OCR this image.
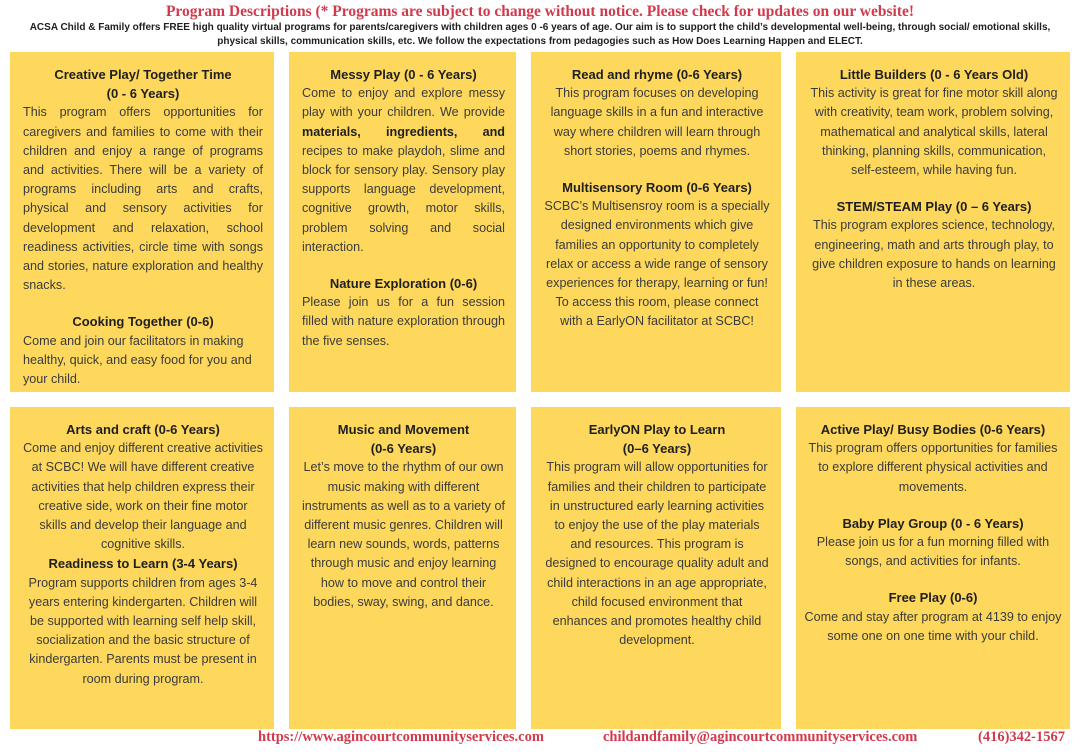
Program Descriptions (* Programs are subject to change without notice. Please check for updates on our website!
ACSA Child & Family offers FREE high quality virtual programs for parents/caregivers with children ages 0 -6 years of age. Our aim is to support the child’s developmental well-being, through social/ emotional skills, physical skills, communication skills, etc. We follow the expectations from pedagogies such as How Does Learning Happen and ELECT.
Creative Play/ Together Time
(0 - 6 Years)
This program offers opportunities for caregivers and families to come with their children and enjoy a range of programs and activities. There will be a variety of programs including arts and crafts, physical and sensory activities for development and relaxation, school readiness activities, circle time with songs and stories, nature exploration and healthy snacks.
Cooking Together (0-6)
Come and join our facilitators in making healthy, quick, and easy food for you and your child.
Messy Play (0 - 6 Years)
Come to enjoy and explore messy play with your children. We provide materials, ingredients, and recipes to make playdoh, slime and block for sensory play. Sensory play supports language development, cognitive growth, motor skills, problem solving and social interaction.
Nature Exploration (0-6)
Please join us for a fun session filled with nature exploration through the five senses.
Read and rhyme (0-6 Years)
This program focuses on developing language skills in a fun and interactive way where children will learn through short stories, poems and rhymes.
Multisensory Room (0-6 Years)
SCBC’s Multisensroy room is a specially designed environments which give families an opportunity to completely relax or access a wide range of sensory experiences for therapy, learning or fun! To access this room, please connect with a EarlyON facilitator at SCBC!
Little Builders (0 - 6 Years Old)
This activity is great for fine motor skill along with creativity, team work, problem solving, mathematical and analytical skills, lateral thinking, planning skills, communication, self-esteem, while having fun.
STEM/STEAM Play (0 – 6 Years)
This program explores science, technology, engineering, math and arts through play, to give children exposure to hands on learning in these areas.
Arts and craft (0-6 Years)
Come and enjoy different creative activities at SCBC! We will have different creative activities that help children express their creative side, work on their fine motor skills and develop their language and cognitive skills.
Readiness to Learn (3-4 Years)
Program supports children from ages 3-4 years entering kindergarten. Children will be supported with learning self help skill, socialization and the basic structure of kindergarten. Parents must be present in room during program.
Music and Movement
(0-6 Years)
Let’s move to the rhythm of our own music making with different instruments as well as to a variety of different music genres. Children will learn new sounds, words, patterns through music and enjoy learning how to move and control their bodies, sway, swing, and dance.
EarlyON Play to Learn
(0–6 Years)
This program will allow opportunities for families and their children to participate in unstructured early learning activities to enjoy the use of the play materials and resources. This program is designed to encourage quality adult and child interactions in an age appropriate, child focused environment that enhances and promotes healthy child development.
Active Play/ Busy Bodies (0-6 Years)
This program offers opportunities for families to explore different physical activities and movements.
Baby Play Group (0 - 6 Years)
Please join us for a fun morning filled with songs, and activities for infants.
Free Play (0-6)
Come and stay after program at 4139 to enjoy some one on one time with your child.
https://www.agincourtcommunityservices.com	childandfamily@agincourtcommunityservices.com	(416)342-1567
